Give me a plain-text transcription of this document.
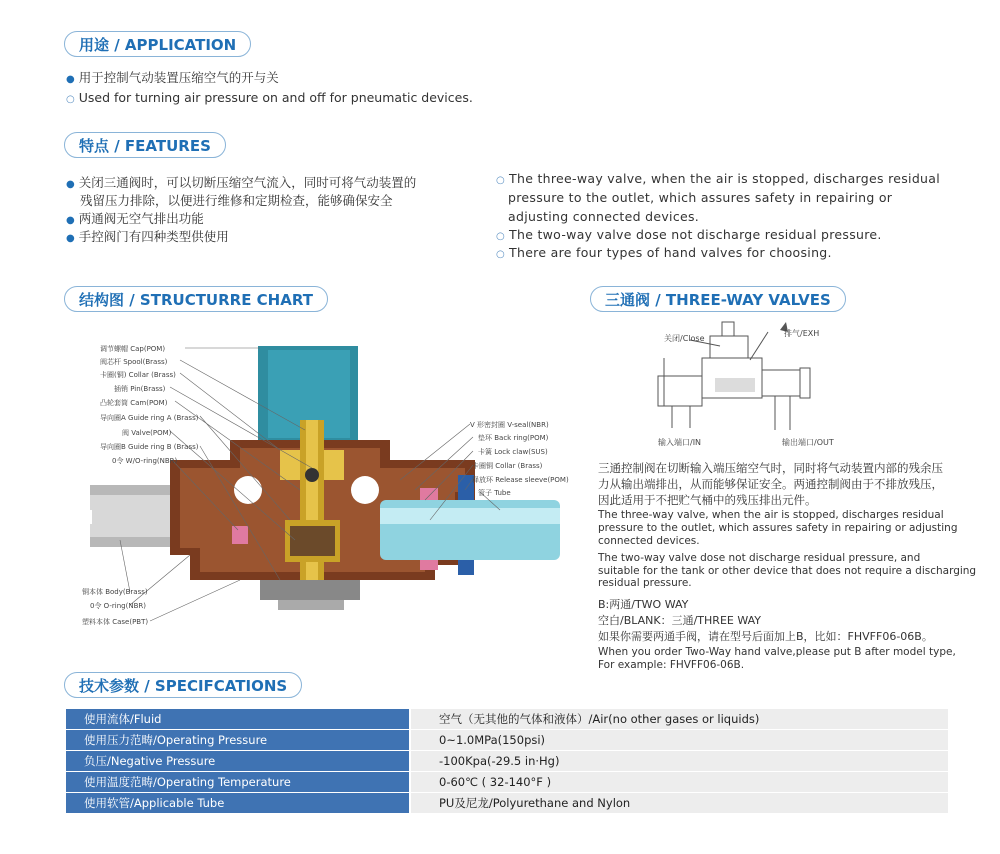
用途 / APPLICATION
● 用于控制气动装置压缩空气的开与关
○ Used for turning air pressure on and off for pneumatic devices.
特点 / FEATURES
● 关闭三通阀时，可以切断压缩空气流入，同时可将气动装置的
残留压力排除，以便进行维修和定期检查，能够确保安全
● 两通阀无空气排出功能
● 手控阀门有四种类型供使用
○ The three-way valve, when the air is stopped, discharges residual
pressure to the outlet, which assures safety in repairing or
adjusting connected devices.
○ The two-way valve dose not discharge residual pressure.
○ There are four types of hand valves for choosing.
结构图 / STRUCTURRE CHART
调节螺帽 Cap(POM)
阀芯杆 Spool(Brass)
卡圈(铜) Collar (Brass)
插销 Pin(Brass)
凸轮套筒 Cam(POM)
导向圈A Guide ring A (Brass)
阀 Valve(POM)
导向圈B Guide ring B (Brass)
0令 W/O-ring(NBR)
V 形密封圈 V-seal(NBR)
垫环 Back ring(POM)
卡簧 Lock claw(SUS)
卡圈铜 Collar (Brass)
释放环 Release sleeve(POM)
管子 Tube
铜本体 Body(Brass)
0令 O-ring(NBR)
塑料本体 Case(PBT)
三通阀 / THREE-WAY VALVES
关闭/Close
排气/EXH
输入端口/IN	输出端口/OUT
三通控制阀在切断输入端压缩空气时，同时将气动装置内部的残余压
力从输出端排出，从而能够保证安全。两通控制阀由于不排放残压，
因此适用于不把贮气桶中的残压排出元件。
The three-way valve, when the air is stopped, discharges residual
pressure to the outlet, which assures safety in repairing or adjusting
connected devices.
The two-way valve dose not discharge residual pressure, and
suitable for the tank or other device that does not require a discharging
residual pressure.
B:两通/TWO WAY
空白/BLANK：三通/THREE WAY
如果你需要两通手阀，请在型号后面加上B，比如：FHVFF06-06B。
When you order Two-Way hand valve,please put B after model type,
For example: FHVFF06-06B.
技术参数 / SPECIFCATIONS
使用流体/Fluid	空气（无其他的气体和液体）/Air(no other gases or liquids)
使用压力范畴/Operating Pressure	0~1.0MPa(150psi)
负压/Negative Pressure	-100Kpa(-29.5 in·Hg)
使用温度范畴/Operating Temperature	0-60℃ ( 32-140°F )
使用软管/Applicable Tube	PU及尼龙/Polyurethane and Nylon
